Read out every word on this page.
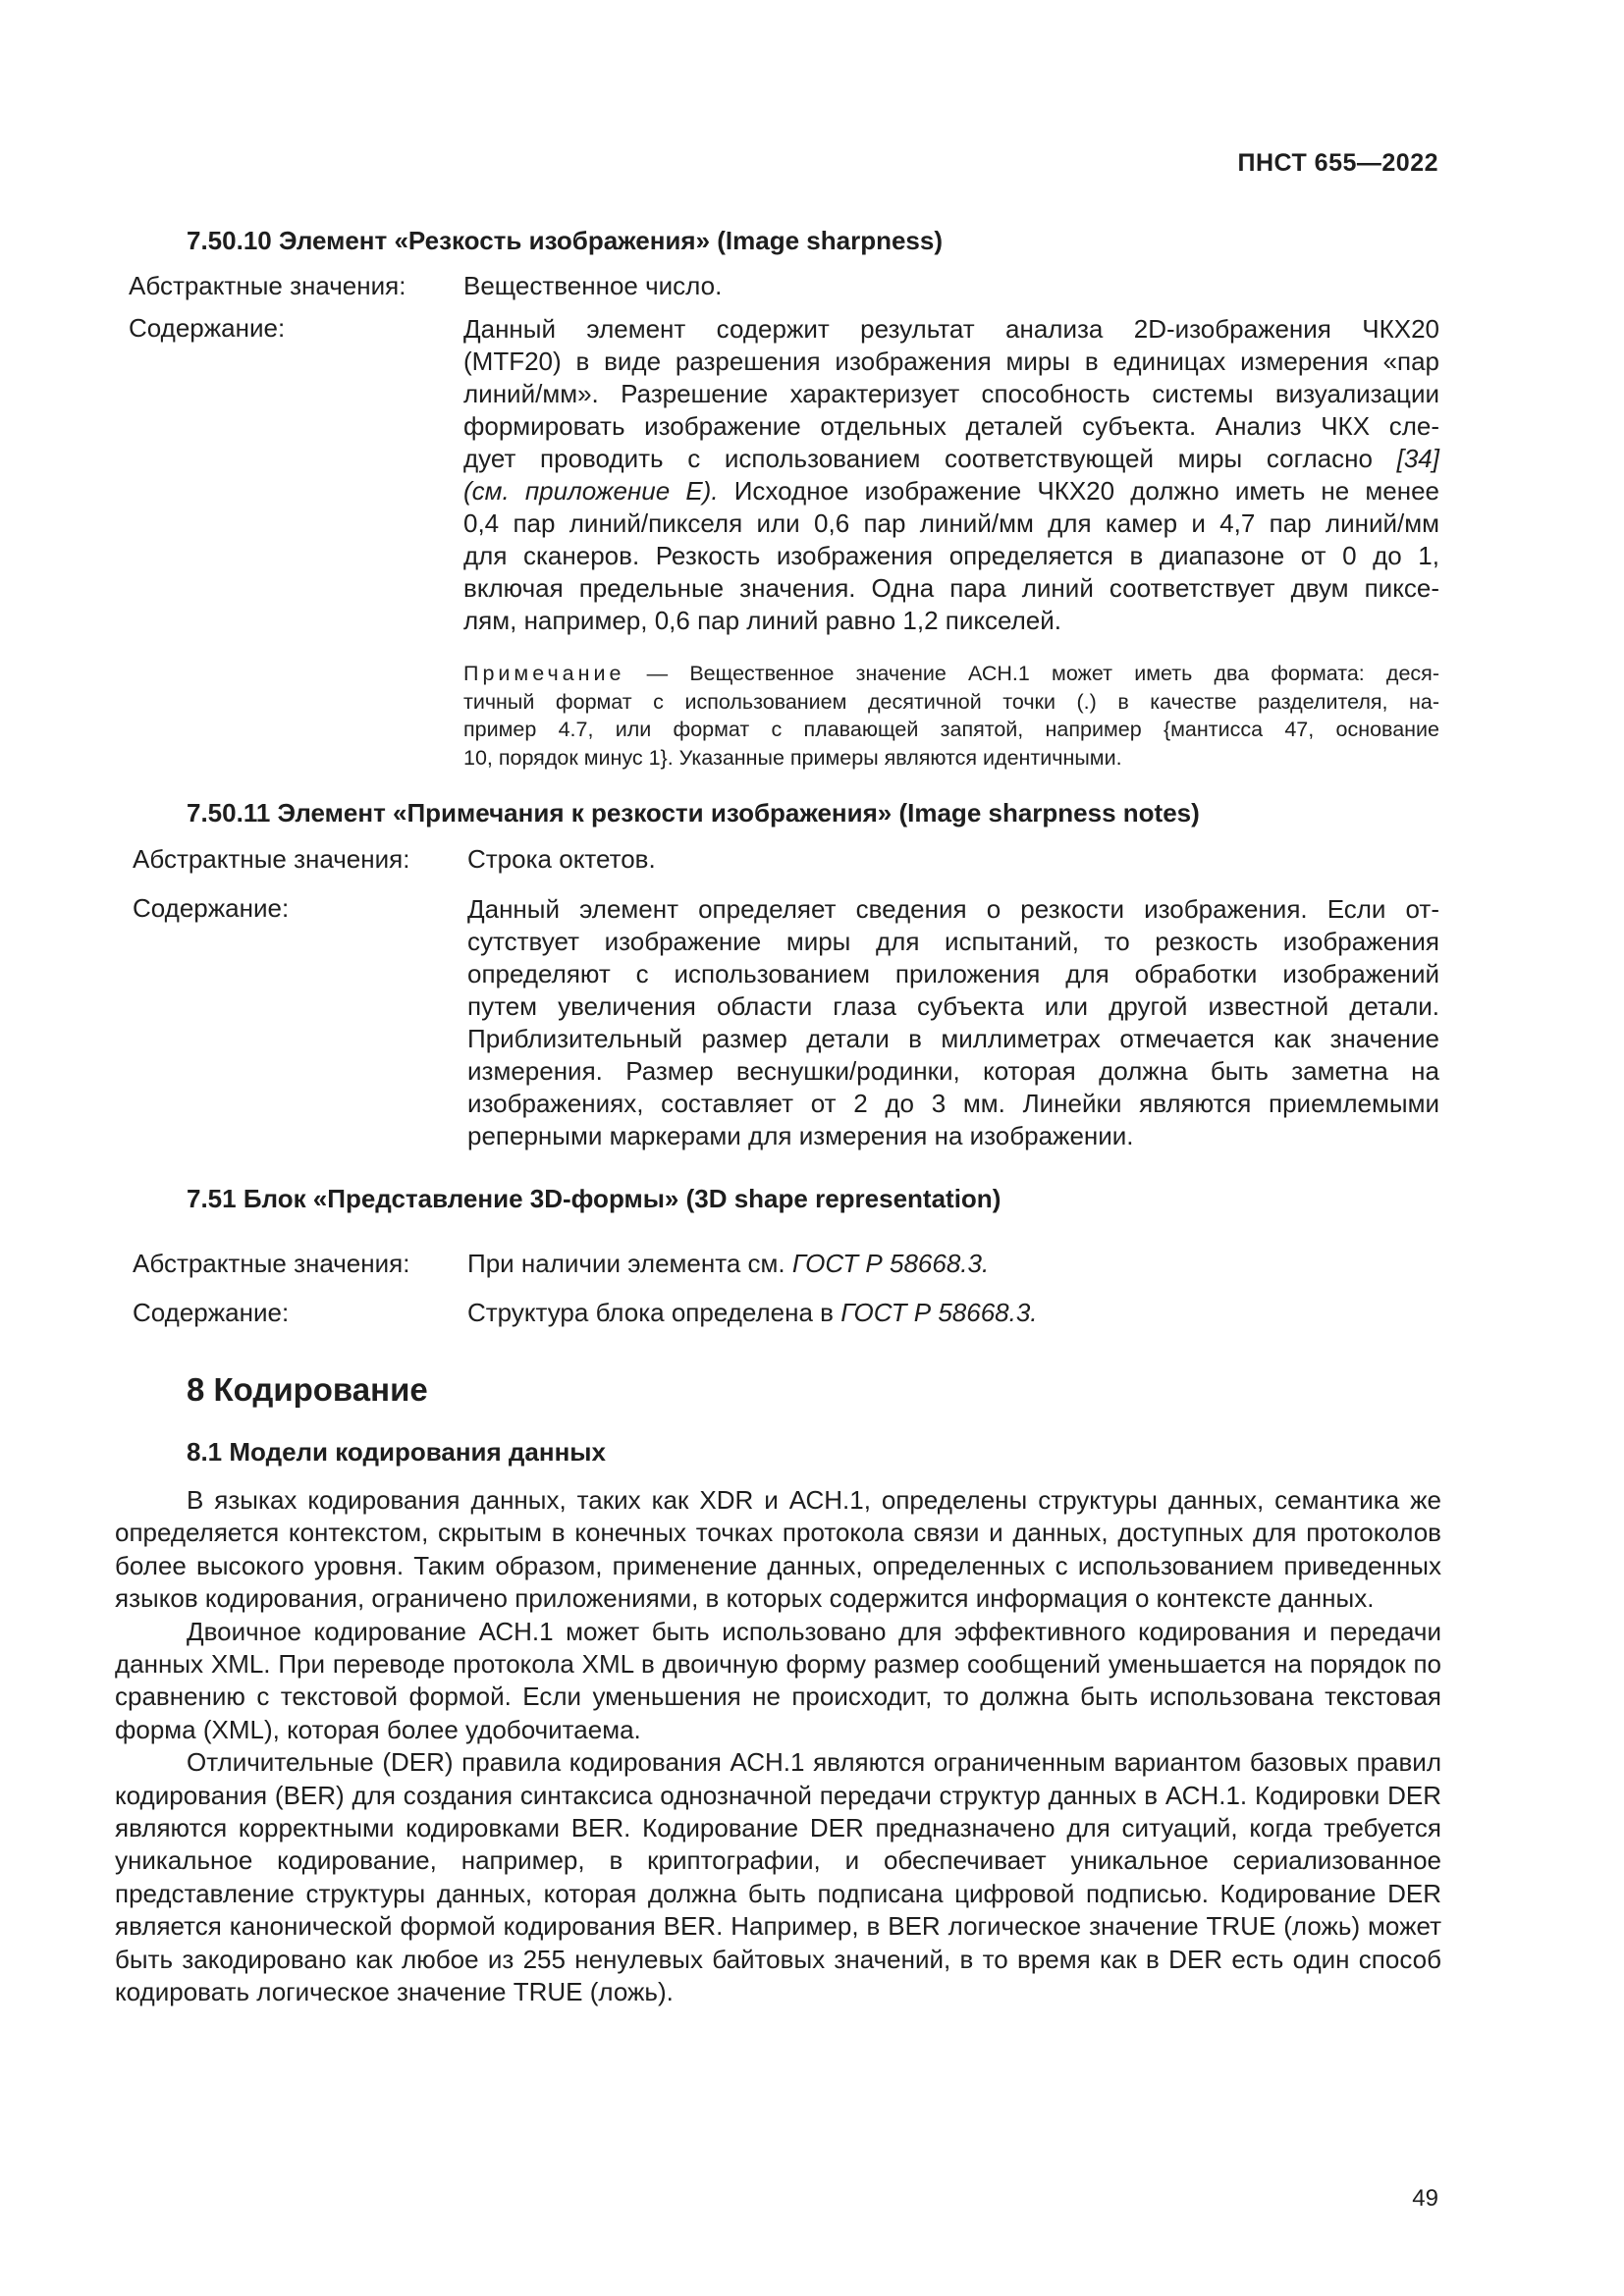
ПНСТ 655—2022
7.50.10 Элемент «Резкость изображения» (Image sharpness)
Абстрактные значения: Вещественное число.
Содержание:	Данный элемент содержит результат анализа 2D-изображения ЧКХ20

(MTF20) в виде разрешения изображения миры в единицах измерения «пар

линий/мм». Разрешение характеризует способность системы визуализации

формировать изображение отдельных деталей субъекта. Анализ ЧКХ сле-

дует проводить с использованием соответствующей миры согласно [34]

(см. приложение Е). Исходное изображение ЧКХ20 должно иметь не менее

0,4 пар линий/пикселя или 0,6 пар линий/мм для камер и 4,7 пар линий/мм

для сканеров. Резкость изображения определяется в диапазоне от 0 до 1,

включая предельные значения. Одна пара линий соответствует двум пиксе-

лям, например, 0,6 пар линий равно 1,2 пикселей.

Примечание — Вещественное значение АСН.1 может иметь два формата: деся-

тичный формат с использованием десятичной точки (.) в качестве разделителя, на-

пример 4.7, или формат с плавающей запятой, например {мантисса 47, основание

10, порядок минус 1}. Указанные примеры являются идентичными.

7.50.11 Элемент «Примечания к резкости изображения» (Image sharpness notes)
Абстрактные значения: Строка октетов.
Содержание:	Данный элемент определяет сведения о резкости изображения. Если от-

сутствует изображение миры для испытаний, то резкость изображения

определяют с использованием приложения для обработки изображений

путем увеличения области глаза субъекта или другой известной детали.

Приблизительный размер детали в миллиметрах отмечается как значение

измерения. Размер веснушки/родинки, которая должна быть заметна на

изображениях, составляет от 2 до 3 мм. Линейки являются приемлемыми

реперными маркерами для измерения на изображении.

7.51 Блок «Представление 3D-формы» (3D shape representation)
Абстрактные значения: При наличии элемента см. ГОСТ Р 58668.3.
Содержание:	Структура блока определена в ГОСТ Р 58668.3.
8 Кодирование
8.1 Модели кодирования данных

В языках кодирования данных, таких как XDR и АСН.1, определены структуры данных, семантика же определяется контекстом, скрытым в конечных точках протокола связи и данных, доступных для протоколов более высокого уровня. Таким образом, применение данных, определенных с использованием приведенных языков кодирования, ограничено приложениями, в которых содержится информация о контексте данных.

Двоичное кодирование АСН.1 может быть использовано для эффективного кодирования и передачи данных XML. При переводе протокола XML в двоичную форму размер сообщений уменьшается на порядок по сравнению с текстовой формой. Если уменьшения не происходит, то должна быть использована текстовая форма (XML), которая более удобочитаема.

Отличительные (DER) правила кодирования АСН.1 являются ограниченным вариантом базовых правил кодирования (BER) для создания синтаксиса однозначной передачи структур данных в АСН.1. Кодировки DER являются корректными кодировками BER. Кодирование DER предназначено для ситуаций, когда требуется уникальное кодирование, например, в криптографии, и обеспечивает уникальное сериализованное представление структуры данных, которая должна быть подписана цифровой подписью. Кодирование DER является канонической формой кодирования BER. Например, в BER логическое значение TRUE (ложь) может быть закодировано как любое из 255 ненулевых байтовых значений, в то время как в DER есть один способ кодировать логическое значение TRUE (ложь).

49
